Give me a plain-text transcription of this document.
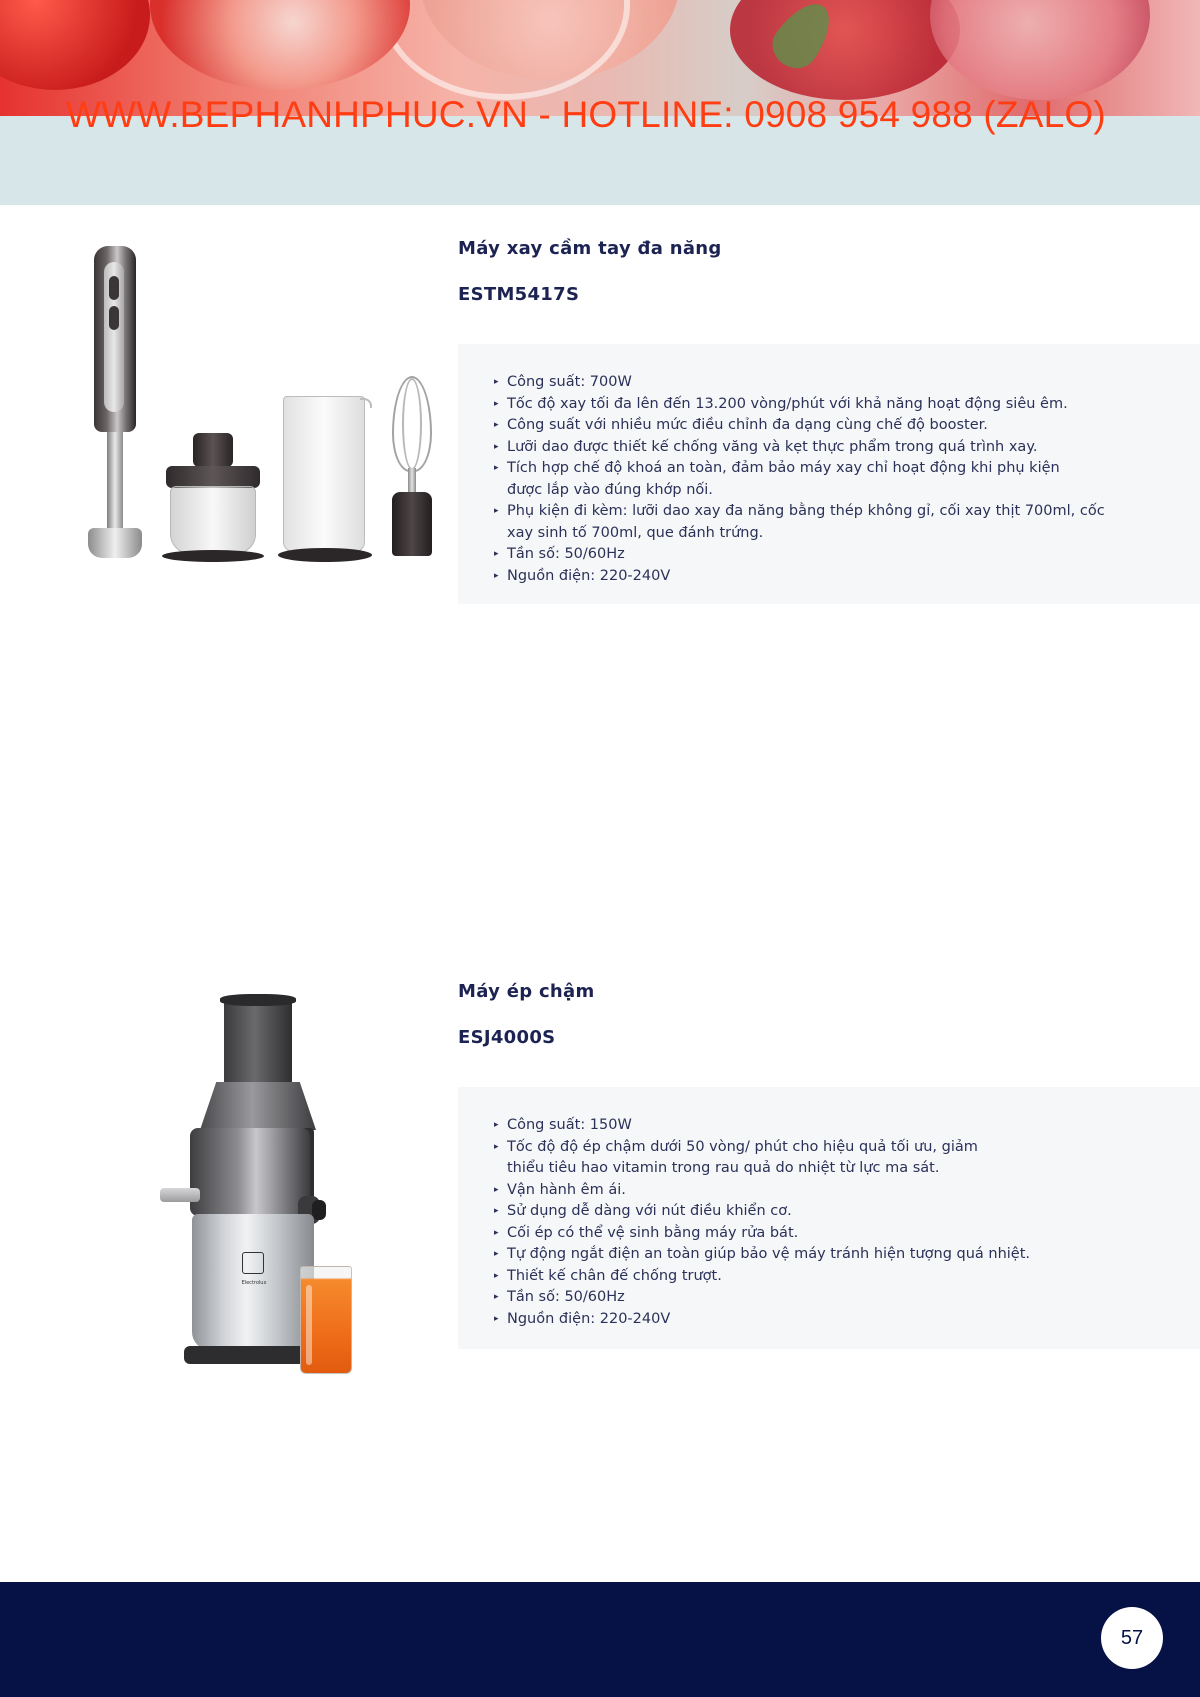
WWW.BEPHANHPHUC.VN - HOTLINE: 0908 954 988 (ZALO)
Máy xay cầm tay đa năng
ESTM5417S
▸ Công suất: 700W
▸ Tốc độ xay tối đa lên đến 13.200 vòng/phút với khả năng hoạt động siêu êm.
▸ Công suất với nhiều mức điều chỉnh đa dạng cùng chế độ booster.
▸ Lưỡi dao được thiết kế chống văng và kẹt thực phẩm trong quá trình xay.
▸ Tích hợp chế độ khoá an toàn, đảm bảo máy xay chỉ hoạt động khi phụ kiện được lắp vào đúng khớp nối.
▸ Phụ kiện đi kèm: lưỡi dao xay đa năng bằng thép không gỉ, cối xay thịt 700ml, cốc xay sinh tố 700ml, que đánh trứng.
▸ Tần số: 50/60Hz
▸ Nguồn điện: 220-240V
Electrolux
Máy ép chậm
ESJ4000S
▸ Công suất: 150W
▸ Tốc độ độ ép chậm dưới 50 vòng/ phút cho hiệu quả tối ưu, giảm thiểu tiêu hao vitamin trong rau quả do nhiệt từ lực ma sát.
▸ Vận hành êm ái.
▸ Sử dụng dễ dàng với nút điều khiển cơ.
▸ Cối ép có thể vệ sinh bằng máy rửa bát.
▸ Tự động ngắt điện an toàn giúp bảo vệ máy tránh hiện tượng quá nhiệt.
▸ Thiết kế chân đế chống trượt.
▸ Tần số: 50/60Hz
▸ Nguồn điện: 220-240V
57
